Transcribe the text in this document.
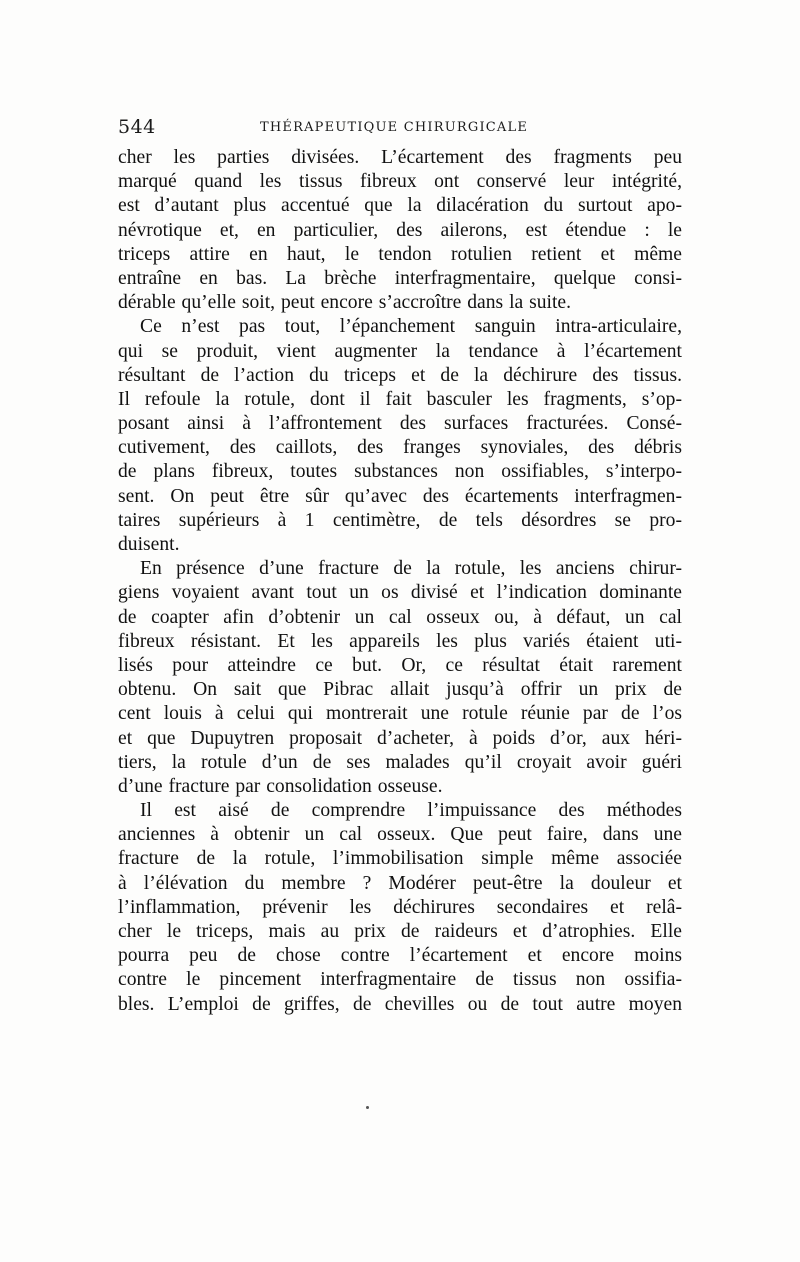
544	THÉRAPEUTIQUE CHIRURGICALE
cher les parties divisées. L’écartement des fragments peu
marqué quand les tissus fibreux ont conservé leur intégrité,
est d’autant plus accentué que la dilacération du surtout apo-
névrotique et, en particulier, des ailerons, est étendue : le
triceps attire en haut, le tendon rotulien retient et même
entraîne en bas. La brèche interfragmentaire, quelque consi-
dérable qu’elle soit, peut encore s’accroître dans la suite.
Ce n’est pas tout, l’épanchement sanguin intra-articulaire,
qui se produit, vient augmenter la tendance à l’écartement
résultant de l’action du triceps et de la déchirure des tissus.
Il refoule la rotule, dont il fait basculer les fragments, s’op-
posant ainsi à l’affrontement des surfaces fracturées. Consé-
cutivement, des caillots, des franges synoviales, des débris
de plans fibreux, toutes substances non ossifiables, s’interpo-
sent. On peut être sûr qu’avec des écartements interfragmen-
taires supérieurs à 1 centimètre, de tels désordres se pro-
duisent.
En présence d’une fracture de la rotule, les anciens chirur-
giens voyaient avant tout un os divisé et l’indication dominante
de coapter afin d’obtenir un cal osseux ou, à défaut, un cal
fibreux résistant. Et les appareils les plus variés étaient uti-
lisés pour atteindre ce but. Or, ce résultat était rarement
obtenu. On sait que Pibrac allait jusqu’à offrir un prix de
cent louis à celui qui montrerait une rotule réunie par de l’os
et que Dupuytren proposait d’acheter, à poids d’or, aux héri-
tiers, la rotule d’un de ses malades qu’il croyait avoir guéri
d’une fracture par consolidation osseuse.
Il est aisé de comprendre l’impuissance des méthodes
anciennes à obtenir un cal osseux. Que peut faire, dans une
fracture de la rotule, l’immobilisation simple même associée
à l’élévation du membre ? Modérer peut-être la douleur et
l’inflammation, prévenir les déchirures secondaires et relâ-
cher le triceps, mais au prix de raideurs et d’atrophies. Elle
pourra peu de chose contre l’écartement et encore moins
contre le pincement interfragmentaire de tissus non ossifia-
bles. L’emploi de griffes, de chevilles ou de tout autre moyen
